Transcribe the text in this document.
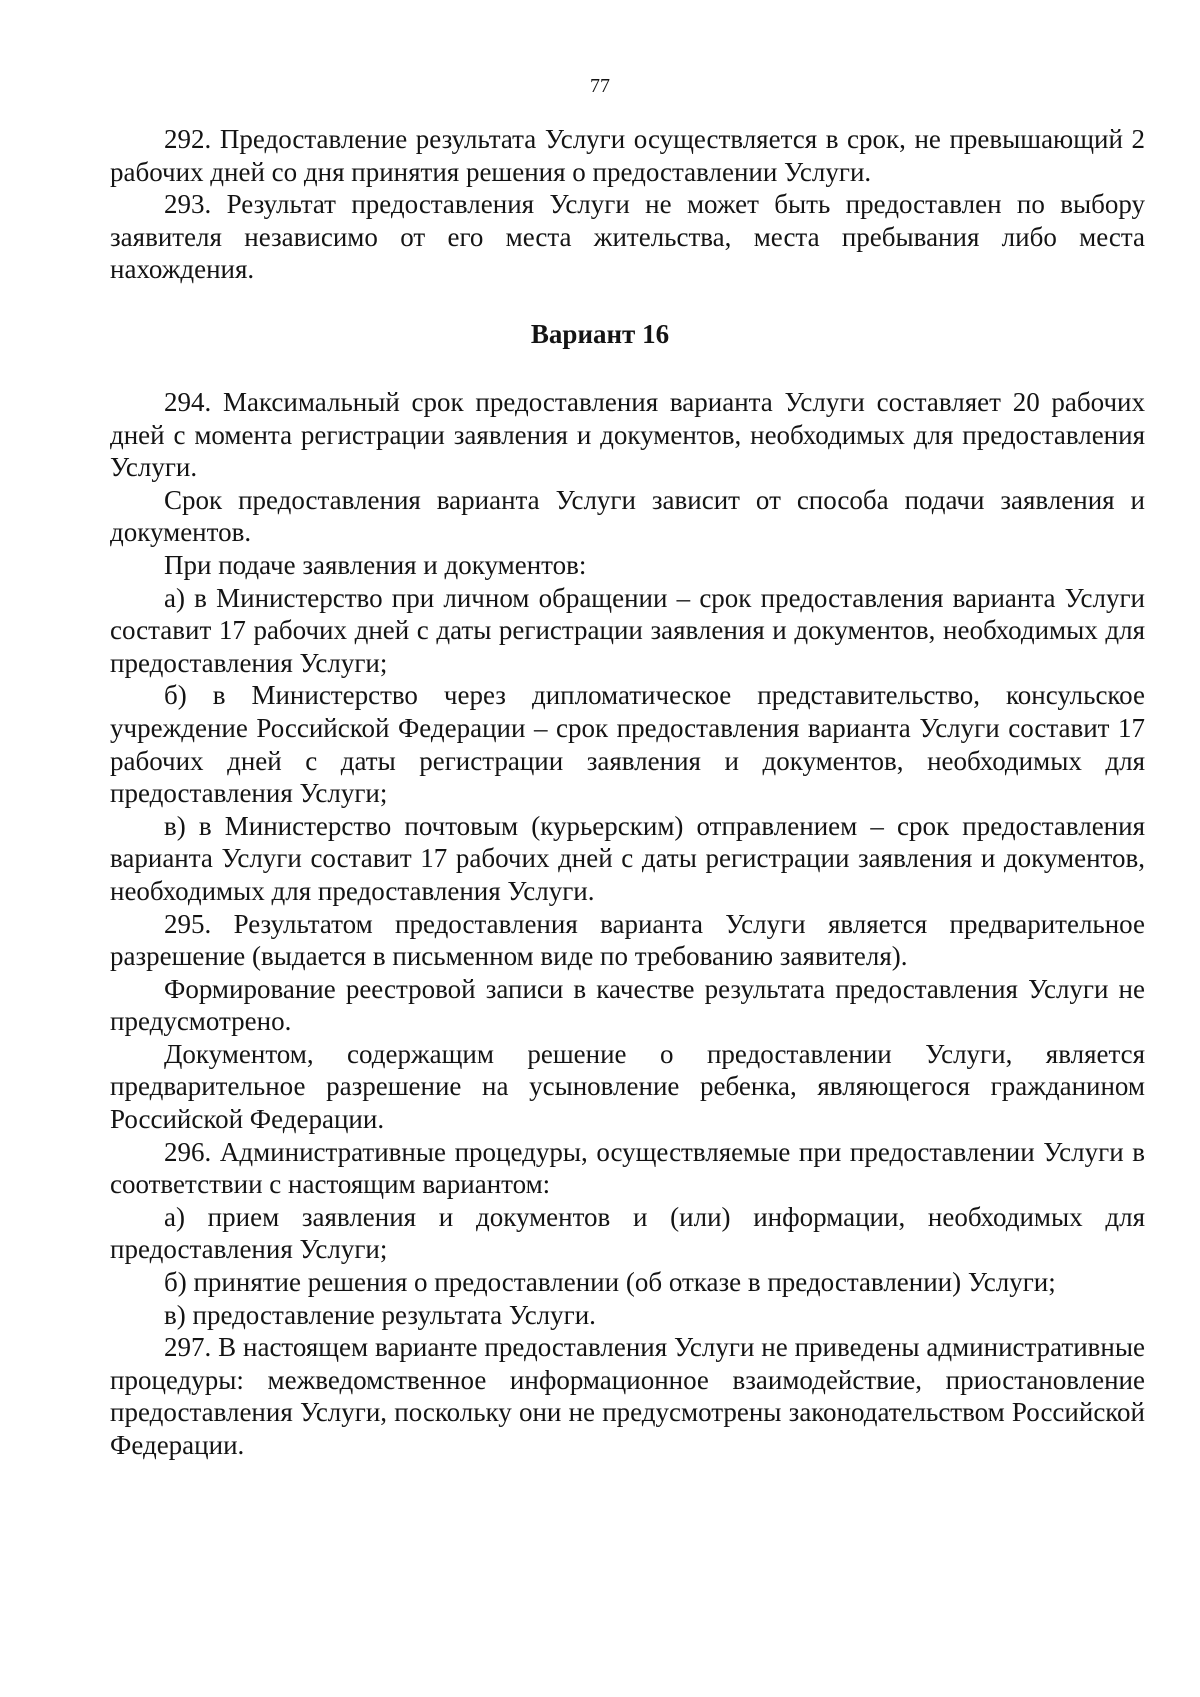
77

292. Предоставление результата Услуги осуществляется в срок, не превышающий 2 рабочих дней со дня принятия решения о предоставлении Услуги.

293. Результат предоставления Услуги не может быть предоставлен по выбору заявителя независимо от его места жительства, места пребывания либо места нахождения.

Вариант 16

294. Максимальный срок предоставления варианта Услуги составляет 20 рабочих дней с момента регистрации заявления и документов, необходимых для предоставления Услуги.

Срок предоставления варианта Услуги зависит от способа подачи заявления и документов.

При подаче заявления и документов:

а) в Министерство при личном обращении – срок предоставления варианта Услуги составит 17 рабочих дней с даты регистрации заявления и документов, необходимых для предоставления Услуги;

б) в Министерство через дипломатическое представительство, консульское учреждение Российской Федерации – срок предоставления варианта Услуги составит 17 рабочих дней с даты регистрации заявления и документов, необходимых для предоставления Услуги;

в) в Министерство почтовым (курьерским) отправлением – срок предоставления варианта Услуги составит 17 рабочих дней с даты регистрации заявления и документов, необходимых для предоставления Услуги.

295. Результатом предоставления варианта Услуги является предварительное разрешение (выдается в письменном виде по требованию заявителя).

Формирование реестровой записи в качестве результата предоставления Услуги не предусмотрено.

Документом, содержащим решение о предоставлении Услуги, является предварительное разрешение на усыновление ребенка, являющегося гражданином Российской Федерации.

296. Административные процедуры, осуществляемые при предоставлении Услуги в соответствии с настоящим вариантом:

а) прием заявления и документов и (или) информации, необходимых для предоставления Услуги;

б) принятие решения о предоставлении (об отказе в предоставлении) Услуги;

в) предоставление результата Услуги.

297. В настоящем варианте предоставления Услуги не приведены административные процедуры: межведомственное информационное взаимодействие, приостановление предоставления Услуги, поскольку они не предусмотрены законодательством Российской Федерации.
